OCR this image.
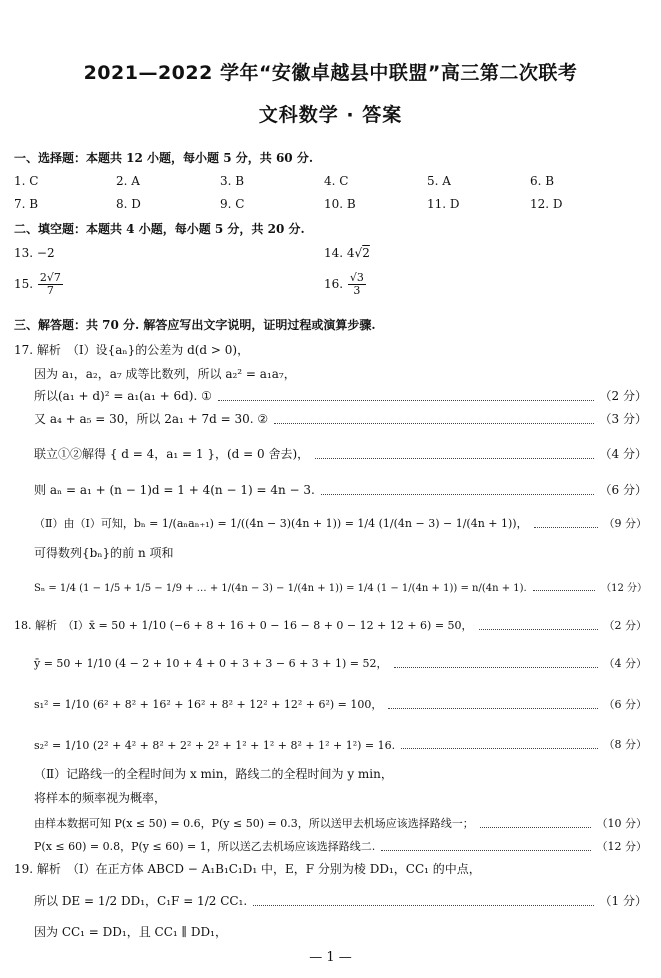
2021—2022 学年“安徽卓越县中联盟”高三第二次联考
文科数学 · 答案
一、选择题：本题共 12 小题，每小题 5 分，共 60 分.
1. C	2. A	3. B	4. C	5. A	6. B
7. B	8. D	9. C	10. B	11. D	12. D
二、填空题：本题共 4 小题，每小题 5 分，共 20 分.
13. −2	14. 4√2
15. $\frac{2√7}{7}$	16. $\frac{√3}{3}$
三、解答题：共 70 分. 解答应写出文字说明，证明过程或演算步骤.
17. 解析　（Ⅰ）设{aₙ}的公差为 d(d > 0)，
因为 a₁，a₂，a₇ 成等比数列，所以 a₂² = a₁a₇，
所以(a₁ + d)² = a₁(a₁ + 6d). ①	（2 分）
又 a₄ + a₅ = 30，所以 2a₁ + 7d = 30. ②	（3 分）
联立①②解得 { d = 4，a₁ = 1 }，(d = 0 舍去)，	（4 分）
则 aₙ = a₁ + (n − 1)d = 1 + 4(n − 1) = 4n − 3.	（6 分）
（Ⅱ）由（Ⅰ）可知，bₙ = 1/(aₙaₙ₊₁) = 1/((4n − 3)(4n + 1)) = 1/4 (1/(4n − 3) − 1/(4n + 1))，	（9 分）
可得数列{bₙ}的前 n 项和
Sₙ = 1/4 (1 − 1/5 + 1/5 − 1/9 + … + 1/(4n − 3) − 1/(4n + 1)) = 1/4 (1 − 1/(4n + 1)) = n/(4n + 1).	（12 分）
18. 解析　（Ⅰ）x̄ = 50 + 1/10 (−6 + 8 + 16 + 0 − 16 − 8 + 0 − 12 + 12 + 6) = 50，	（2 分）
ȳ = 50 + 1/10 (4 − 2 + 10 + 4 + 0 + 3 + 3 − 6 + 3 + 1) = 52，	（4 分）
s₁² = 1/10 (6² + 8² + 16² + 16² + 8² + 12² + 12² + 6²) = 100，	（6 分）
s₂² = 1/10 (2² + 4² + 8² + 2² + 2² + 1² + 1² + 8² + 1² + 1²) = 16.	（8 分）
（Ⅱ）记路线一的全程时间为 x min，路线二的全程时间为 y min，
将样本的频率视为概率，
由样本数据可知 P(x ≤ 50) = 0.6，P(y ≤ 50) = 0.3，所以送甲去机场应该选择路线一；	（10 分）
P(x ≤ 60) = 0.8，P(y ≤ 60) = 1，所以送乙去机场应该选择路线二.	（12 分）
19. 解析　（Ⅰ）在正方体 ABCD − A₁B₁C₁D₁ 中，E，F 分别为棱 DD₁，CC₁ 的中点，
所以 DE = 1/2 DD₁，C₁F = 1/2 CC₁.	（1 分）
因为 CC₁ = DD₁，且 CC₁ ∥ DD₁，
— 1 —
